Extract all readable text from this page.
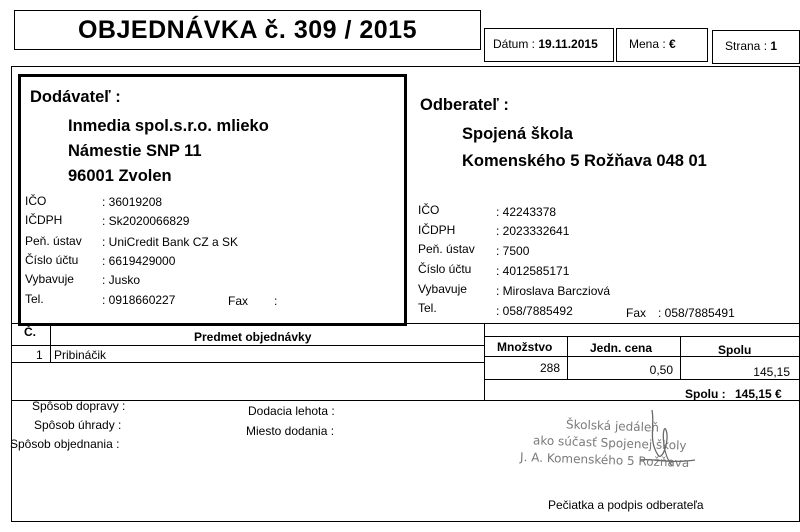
OBJEDNÁVKA č. 309 / 2015	Dátum : 19.11.2015	Mena : €	Strana : 1
Dodávateľ :
Inmedia spol.s.r.o. mlieko
Námestie SNP 11
96001 Zvolen
IČO	: 36019208
IČDPH	: Sk2020066829
Peň. ústav : UniCredit Bank CZ a SK
Číslo účtu : 6619429000
Vybavuje : Jusko
Tel.	: 0918660227	Fax :
Odberateľ :
Spojená škola
Komenského 5 Rožňava 048 01
IČO	: 42243378
IČDPH	: 2023332641
Peň. ústav : 7500
Číslo účtu : 4012585171
Vybavuje : Miroslava Barcziová
Tel.	: 058/7885492	Fax : 058/7885491
Č.	Predmet objednávky
Množstvo	Jedn. cena	Spolu
1 Pribináčik
288	0,50	145,15
Spolu : 145,15 €
Spôsob dopravy :
Spôsob úhrady :
Spôsob objednania :
Dodacia lehota :
Miesto dodania :	Školská jedáleň
ako súčasť Spojenej školy
J. A. Komenského 5 Rožňava
Pečiatka a podpis odberateľa
